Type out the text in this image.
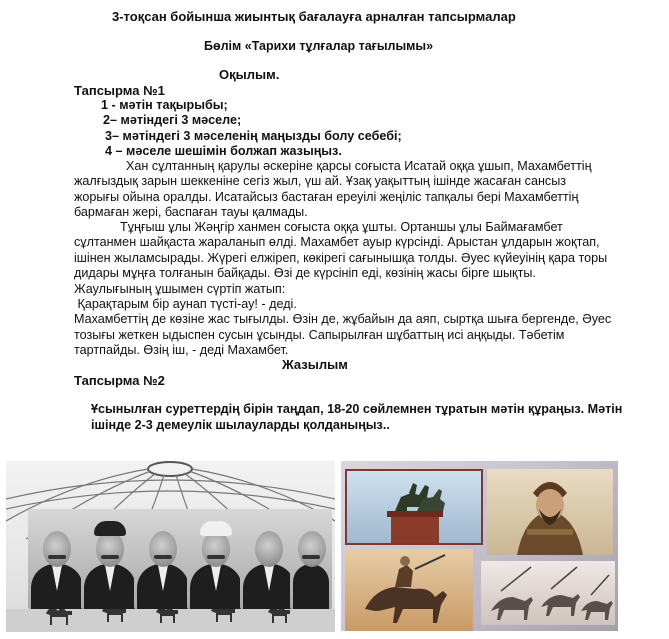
3-тоқсан бойынша жиынтық бағалауға арналған тапсырмалар
Бөлім «Тарихи тұлғалар тағылымы»
Оқылым.
Тапсырма №1
1 - мәтін тақырыбы;
2– мәтіндегі 3 мәселе;
3– мәтіндегі 3 мәселенің маңызды болу себебі;
4 – мәселе шешімін болжап жазыңыз.
Хан сұлтанның қарулы әскеріне қарсы соғыста Исатай оққа ұшып, Махамбеттің
жалғыздық зарын шеккеніне сегіз жыл, үш ай. Ұзақ уақыттың ішінде жасаған сансыз
жорығы ойына оралды. Исатайсыз бастаған ереуілі жеңіліс тапқалы бері Махамбеттің
бармаған жері, баспаған тауы қалмады.
Тұңғыш ұлы Жәңгір ханмен соғыста оққа ұшты. Ортаншы ұлы Баймағамбет
сұлтанмен шайқаста жараланып өлді. Махамбет ауыр күрсінді. Арыстан ұлдарын жоқтап,
ішінен жыламсырады. Жүрегі елжіреп, көкірегі сағынышқа толды. Әуес күйеуінің қара торы
дидары мұңға толғанын байқады. Өзі де күрсініп еді, көзінің жасы бірге шықты.
Жаулығының ұшымен сүртіп жатып:
Қарақтарым бір аунап түсті-ау! - деді.
Махамбеттің де көзіне жас тығылды. Өзін де, жұбайын да аяп, сыртқа шыға бергенде, Әуес
тозығы жеткен ыдыспен сусын ұсынды. Сапырылған шұбаттың исі аңқыды. Тәбетім
тартпайды. Өзің іш, - деді Махамбет.
Жазылым
Тапсырма №2
Ұсынылған суреттердің бірін таңдап, 18-20 сөйлемнен тұратын мәтін құраңыз. Мәтін
ішінде 2-3 демеулік шылауларды қолданыңыз..
